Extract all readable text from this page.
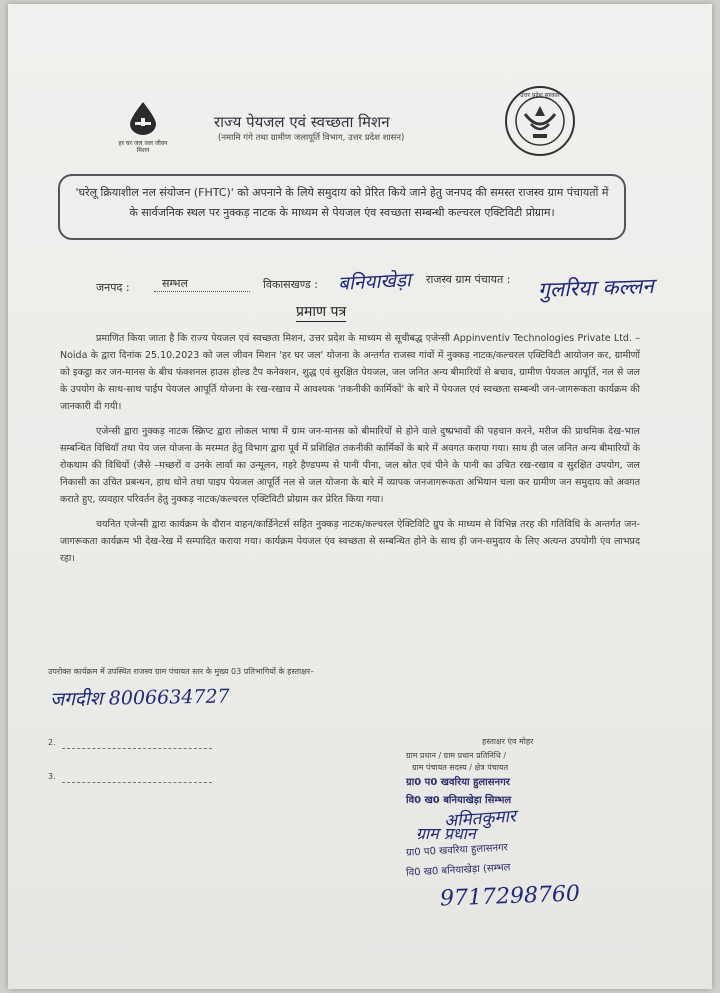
हर घर जल जल जीवन मिशन
राज्य पेयजल एवं स्वच्छता मिशन
(नमामि गंगे तथा ग्रामीण जलापूर्ति विभाग, उत्तर प्रदेश शासन)
उत्तर प्रदेश सरकार
'घरेलू क्रियाशील नल संयोजन (FHTC)' को अपनाने के लिये समुदाय को प्रेरित किये जाने हेतु जनपद की समस्त राजस्व ग्राम पंचायतों में के सार्वजनिक स्थल पर नुक्कड़ नाटक के माध्यम से पेयजल एंव स्वच्छता सम्बन्धी कल्चरल एक्टिविटी प्रोग्राम।
जनपद :	सम्भल	विकासखण्ड : बनियाखेड़ा राजस्व ग्राम पंचायत : गुलरिया कल्लन
प्रमाण पत्र

प्रमाणित किया जाता है कि राज्य पेयजल एवं स्वच्छता मिशन, उत्तर प्रदेश के माध्यम से सूचीबद्ध एजेन्सी Appinventiv Technologies Private Ltd. – Noida के द्वारा दिनांक 25.10.2023 को जल जीवन मिशन 'हर घर जल' योजना के अन्तर्गत राजस्व गांवों में नुक्कड़ नाटक/कल्चरल एक्टिविटी आयोजन कर, ग्रामीणों को इकट्ठा कर जन-मानस के बीच फंक्शनल हाउस होल्ड टैप कनेक्शन, शुद्ध एवं सुरक्षित पेयजल, जल जनित अन्य बीमारियों से बचाव, ग्रामीण पेयजल आपूर्ति, नल से जल के उपयोग के साथ-साथ पाईप पेयजल आपूर्ति योजना के रख-रखाव में आवश्यक 'तकनीकी कार्मिकों' के बारे में पेयजल एवं स्वच्छता सम्बन्धी जन-जागरूकता कार्यक्रम की जानकारी दी गयी।

एजेन्सी द्वारा नुक्कड़ नाटक स्क्रिप्ट द्वारा लोकल भाषा में ग्राम जन-मानस को बीमारियों से होने वाले दुष्प्रभावों की पहचान करने, मरीज की प्राथमिक देख-भाल सम्बन्धित विधियाँ तथा पेय जल योजना के मरम्मत हेतु विभाग द्वारा पूर्व में प्रशिक्षित तकनीकी कार्मिकों के बारे में अवगत कराया गया। साथ ही जल जनित अन्य बीमारियों के रोकथाम की विधियों (जैसे –मच्छरों व उनके लार्वा का उन्मूलन, गहरे हैण्डपम्प से पानी पीना, जल स्रोत एवं पीने के पानी का उचित रख-रखाव व सुरक्षित उपयोग, जल निकासी का उचित प्रबन्धन, हाथ धोने तथा पाइप पेयजल आपूर्ति नल से जल योजना के बारे में व्यापक जनजागरूकता अभियान चला कर ग्रामीण जन समुदाय को अवगत कराते हुए, व्यवहार परिवर्तन हेतु नुक्कड़ नाटक/कल्चरल एक्टिविटी प्रोग्राम कर प्रेरित किया गया।

चयनित एजेन्सी द्वारा कार्यक्रम के दौरान वाहन/कार्डिनेटर्स सहित नुक्कड़ नाटक/कल्चरल ऐक्टिविटि ग्रुप के माध्यम से विभिन्न तरह की गतिविधि के अन्तर्गत जन-जागरूकता कार्यक्रम भी देख-रेख में सम्पादित कराया गया। कार्यक्रम पेयजल एंव स्वच्छता से सम्बन्धित होने के साथ ही जन-समुदाय के लिए अत्यन्त उपयोगी एंव लाभप्रद रहा।

उपरोक्त कार्यक्रम में उपस्थित राजस्व ग्राम पंचायत स्तर के मुख्य 03 प्रतिभागियों के हस्ताक्षर–
जगदीश 8006634727
2.
3.
हस्ताक्षर एंव मोहर
ग्राम प्रधान / ग्राम प्रधान प्रतिनिधि /
ग्राम पंचायत सदस्य / क्षेत्र पंचायत
ग्रा0 प0 खवरिया हुलासनगर
वि0 ख0 बनियाखेड़ा सिम्भल
अमितकुमार
ग्राम प्रधान
ग्रा0 प0 खवरिया हुलासनगर
वि0 ख0 बनियाखेड़ा (सम्भल
9717298760
